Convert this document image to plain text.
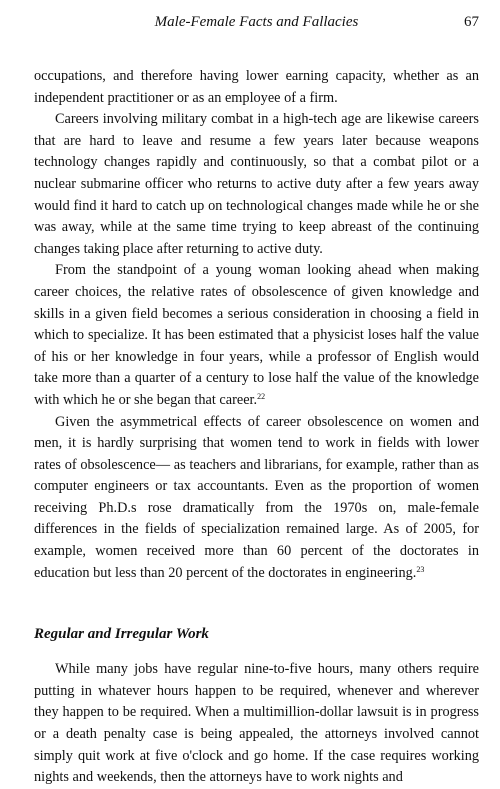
Male-Female Facts and Fallacies	67

occupations, and therefore having lower earning capacity, whether as an independent practitioner or as an employee of a firm.

Careers involving military combat in a high-tech age are likewise careers that are hard to leave and resume a few years later because weapons technology changes rapidly and continuously, so that a combat pilot or a nuclear submarine officer who returns to active duty after a few years away would find it hard to catch up on technological changes made while he or she was away, while at the same time trying to keep abreast of the continuing changes taking place after returning to active duty.

From the standpoint of a young woman looking ahead when making career choices, the relative rates of obsolescence of given knowledge and skills in a given field becomes a serious consideration in choosing a field in which to specialize. It has been estimated that a physicist loses half the value of his or her knowledge in four years, while a professor of English would take more than a quarter of a century to lose half the value of the knowledge with which he or she began that career.$^{22}$

Given the asymmetrical effects of career obsolescence on women and men, it is hardly surprising that women tend to work in fields with lower rates of obsolescence— as teachers and librarians, for example, rather than as computer engineers or tax accountants. Even as the proportion of women receiving Ph.D.s rose dramatically from the 1970s on, male-female differences in the fields of specialization remained large. As of 2005, for example, women received more than 60 percent of the doctorates in education but less than 20 percent of the doctorates in engineering.$^{23}$

Regular and Irregular Work

While many jobs have regular nine-to-five hours, many others require putting in whatever hours happen to be required, whenever and wherever they happen to be required. When a multimillion-dollar lawsuit is in progress or a death penalty case is being appealed, the attorneys involved cannot simply quit work at five o'clock and go home. If the case requires working nights and weekends, then the attorneys have to work nights and
